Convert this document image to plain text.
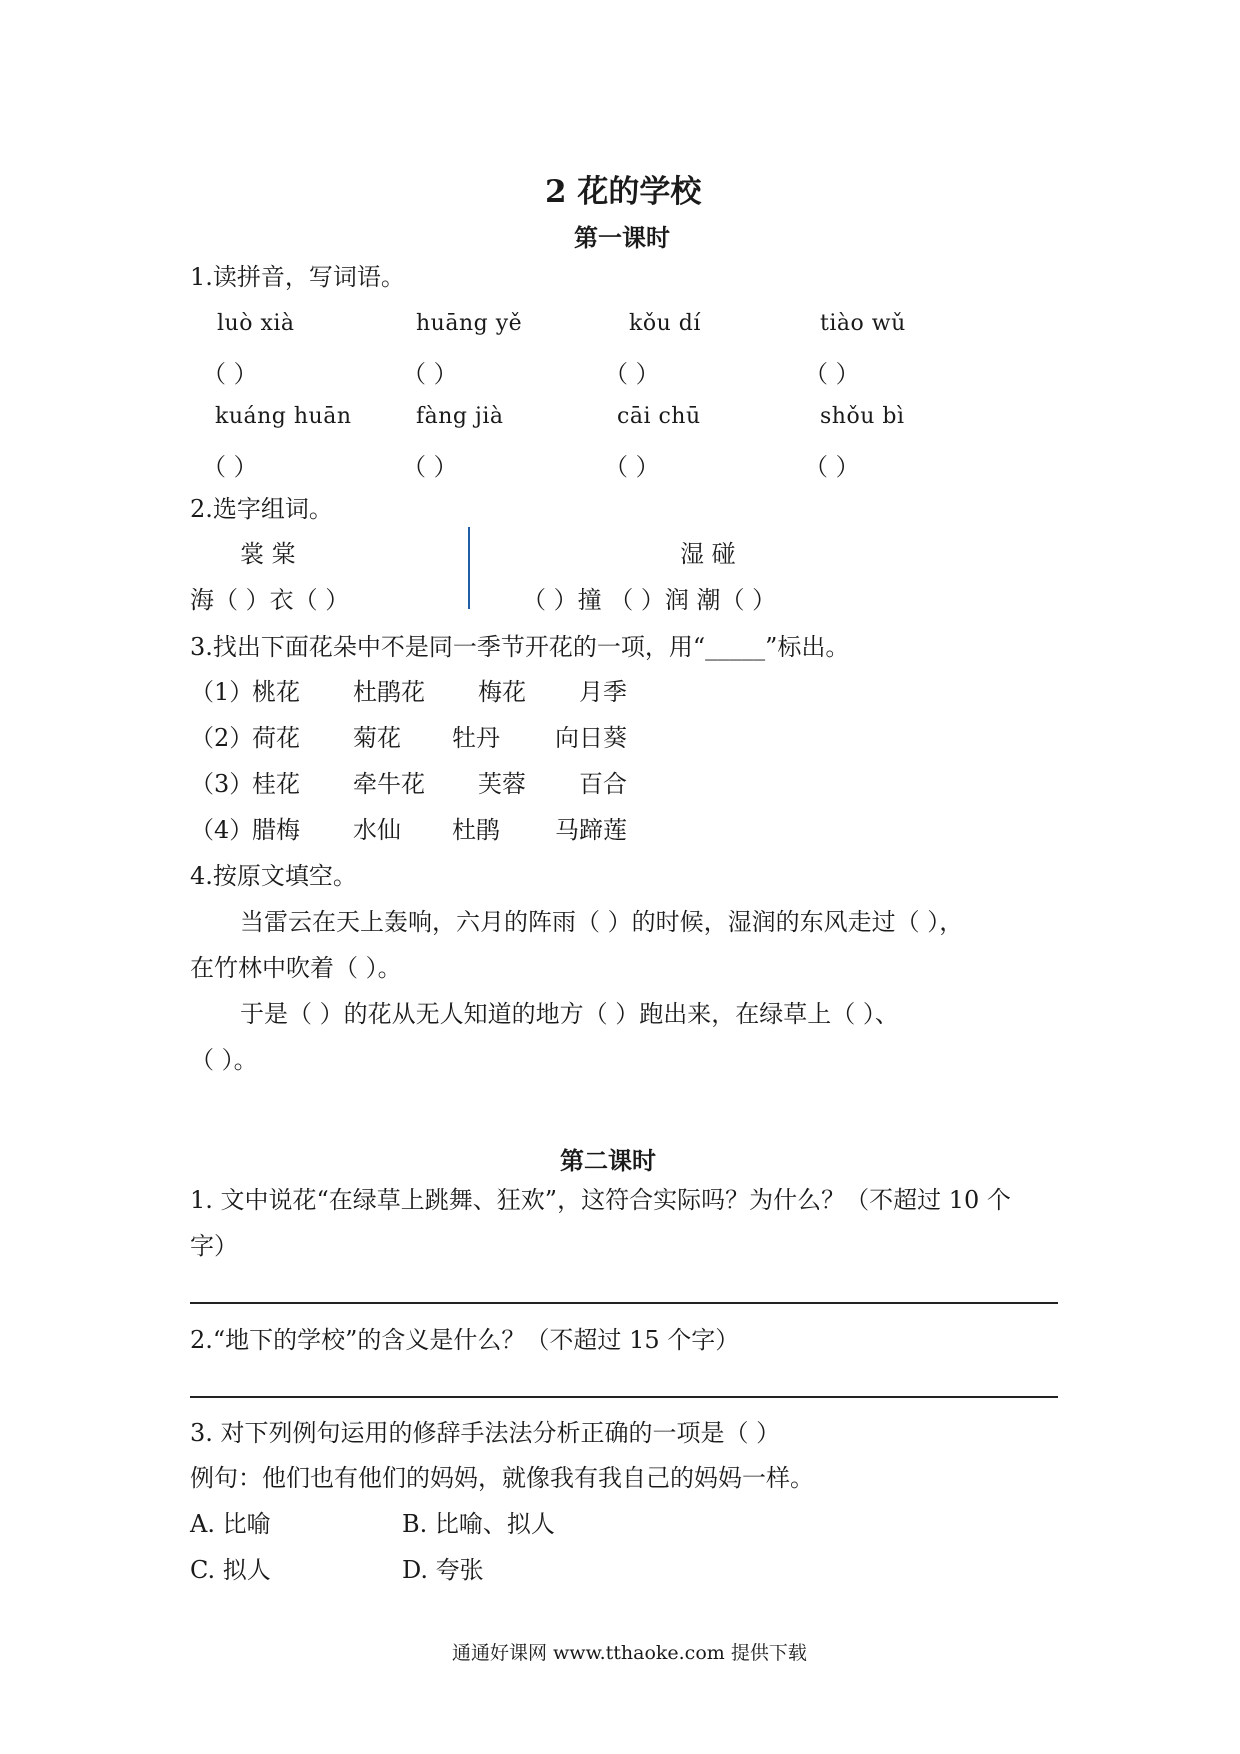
2 花的学校
第一课时
1.读拼音，写词语。
luò xià	huāng yě	kǒu dí	tiào wǔ
（ ）	（ ）	（ ）	（ ）
kuáng huān	fàng jià	cāi chū	shǒu bì
（ ）	（ ）	（ ）	（ ）
2.选字组词。
裳 棠
海（ ）衣（ ）
湿 碰
（ ）撞 （ ）润 潮（ ）
3.找出下面花朵中不是同一季节开花的一项，用“_____”标出。
（1）
桃花 杜鹃花 梅花 月季
（2）
荷花 菊花 牡丹 向日葵
（3）
桂花 牵牛花 芙蓉 百合
（4）
腊梅 水仙 杜鹃 马蹄莲
4.按原文填空。
当雷云在天上轰响，六月的阵雨（ ）的时候，湿润的东风走过（ ），
在竹林中吹着（ ）。
于是（ ）的花从无人知道的地方（ ）跑出来，在绿草上（ ）、
（ ）。
第二课时
1. 文中说花“在绿草上跳舞、狂欢”，这符合实际吗？为什么？（不超过 10 个
字）
2.“地下的学校”的含义是什么？（不超过 15 个字）
3. 对下列例句运用的修辞手法法分析正确的一项是（ ）
例句：他们也有他们的妈妈，就像我有我自己的妈妈一样。
A. 比喻	B. 比喻、拟人
C. 拟人	D. 夸张
通通好课网 www.tthaoke.com 提供下载
